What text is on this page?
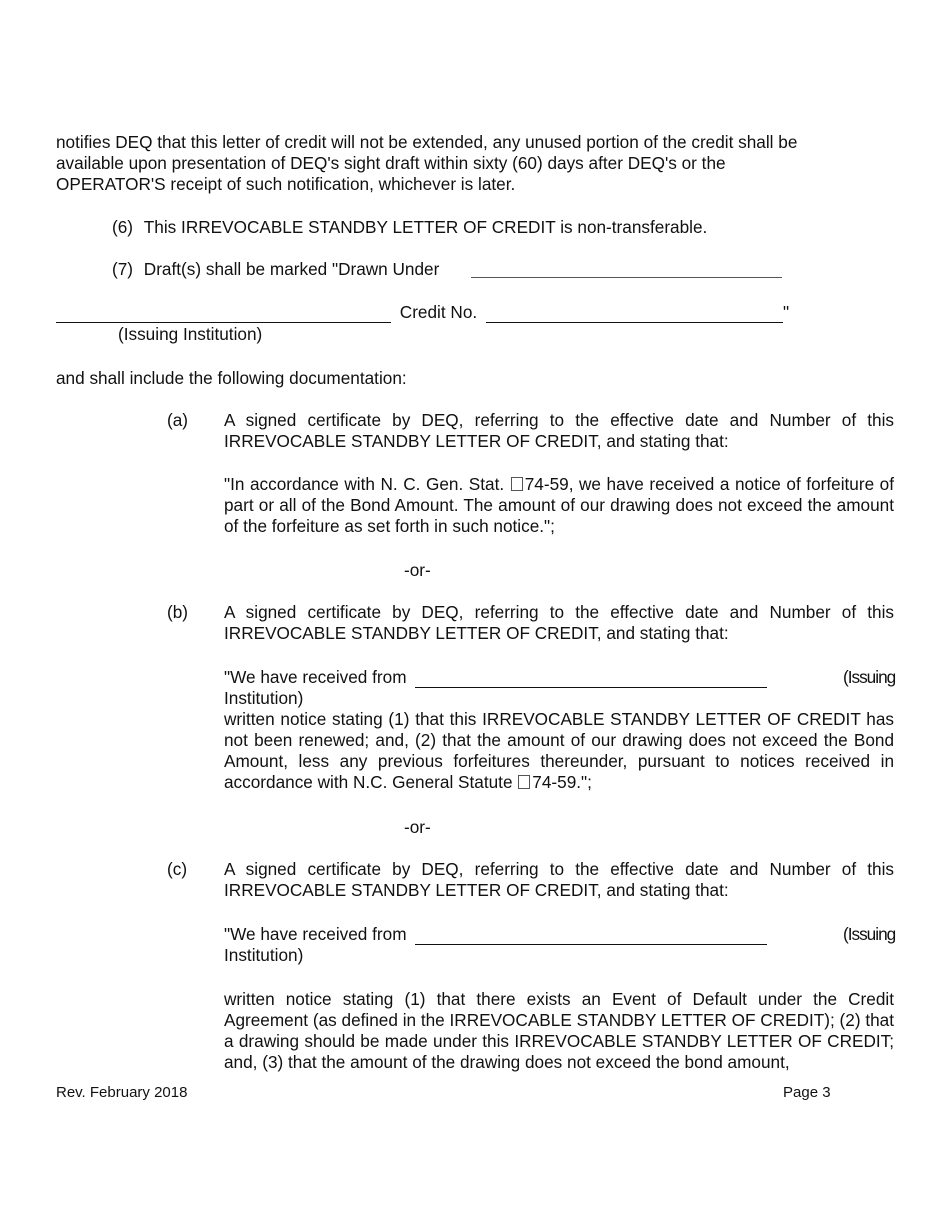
notifies DEQ that this letter of credit will not be extended, any unused portion of the credit shall be
available upon presentation of DEQ's sight draft within sixty (60) days after DEQ's or the
OPERATOR'S receipt of such notification, whichever is later.
(6) This IRREVOCABLE STANDBY LETTER OF CREDIT is non-transferable.
(7) Draft(s) shall be marked "Drawn Under
Credit No.	"
(Issuing Institution)
and shall include the following documentation:
(a) A signed certificate by DEQ, referring to the effective date and Number of this IRREVOCABLE STANDBY LETTER OF CREDIT, and stating that:
"In accordance with N. C. Gen. Stat. 74-59, we have received a notice of forfeiture of part or all of the Bond Amount. The amount of our drawing does not exceed the amount of the forfeiture as set forth in such notice.";
-or-
(b) A signed certificate by DEQ, referring to the effective date and Number of this IRREVOCABLE STANDBY LETTER OF CREDIT, and stating that:
"We have received from	(Issuing
Institution)
written notice stating (1) that this IRREVOCABLE STANDBY LETTER OF CREDIT has not been renewed; and, (2) that the amount of our drawing does not exceed the Bond Amount, less any previous forfeitures thereunder, pursuant to notices received in accordance with N.C. General Statute 74-59.";
-or-
(c) A signed certificate by DEQ, referring to the effective date and Number of this IRREVOCABLE STANDBY LETTER OF CREDIT, and stating that:
"We have received from	(Issuing
Institution)
written notice stating (1) that there exists an Event of Default under the Credit Agreement (as defined in the IRREVOCABLE STANDBY LETTER OF CREDIT); (2) that a drawing should be made under this IRREVOCABLE STANDBY LETTER OF CREDIT; and, (3) that the amount of the drawing does not exceed the bond amount,
Rev. February 2018	Page 3
